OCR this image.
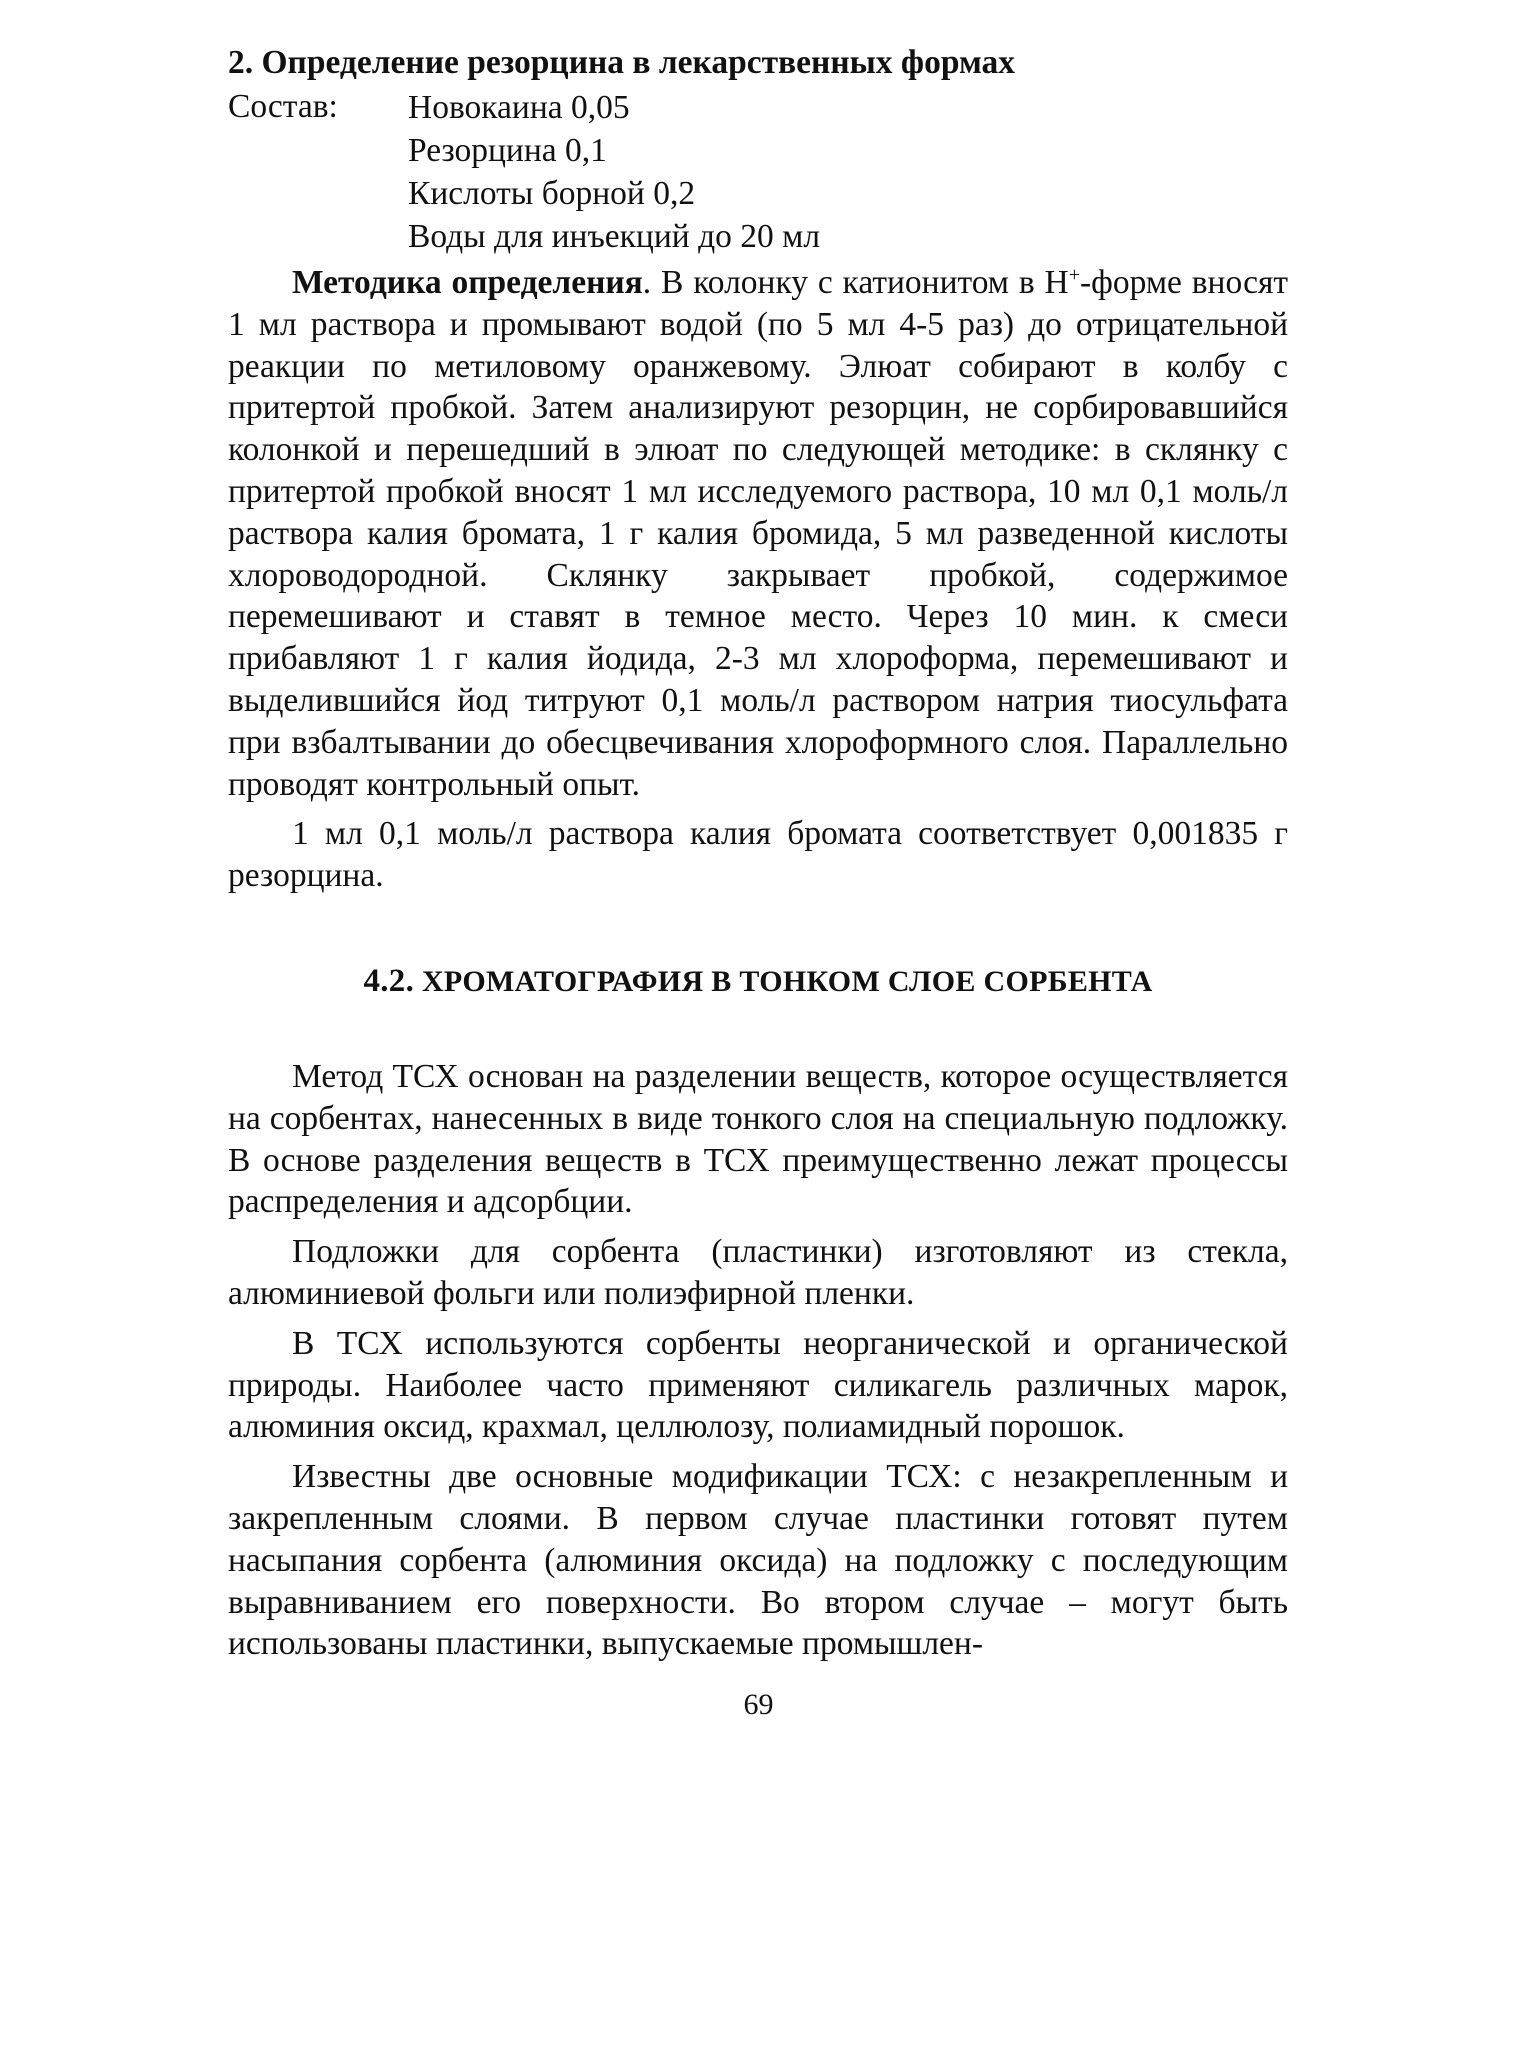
2. Определение резорцина в лекарственных формах
Состав:	Новокаина 0,05
Резорцина 0,1
Кислоты борной 0,2
Воды для инъекций до 20 мл

Методика определения. В колонку с катионитом в H+-форме вносят 1 мл раствора и промывают водой (по 5 мл 4-5 раз) до отрицательной реакции по метиловому оранжевому. Элюат собирают в колбу с притертой пробкой. Затем анализируют резорцин, не сорбировавшийся колонкой и перешедший в элюат по следующей методике: в склянку с притертой пробкой вносят 1 мл исследуемого раствора, 10 мл 0,1 моль/л раствора калия бромата, 1 г калия бромида, 5 мл разведенной кислоты хлороводородной. Склянку закрывает пробкой, содержимое перемешивают и ставят в темное место. Через 10 мин. к смеси прибавляют 1 г калия йодида, 2-3 мл хлороформа, перемешивают и выделившийся йод титруют 0,1 моль/л раствором натрия тиосульфата при взбалтывании до обесцвечивания хлороформного слоя. Параллельно проводят контрольный опыт.

1 мл 0,1 моль/л раствора калия бромата соответствует 0,001835 г резорцина.

4.2. ХРОМАТОГРАФИЯ В ТОНКОМ СЛОЕ СОРБЕНТА

Метод ТСХ основан на разделении веществ, которое осуществляется на сорбентах, нанесенных в виде тонкого слоя на специальную подложку. В основе разделения веществ в ТСХ преимущественно лежат процессы распределения и адсорбции.

Подложки для сорбента (пластинки) изготовляют из стекла, алюминиевой фольги или полиэфирной пленки.

В ТСХ используются сорбенты неорганической и органической природы. Наиболее часто применяют силикагель различных марок, алюминия оксид, крахмал, целлюлозу, полиамидный порошок.

Известны две основные модификации ТСХ: с незакрепленным и закрепленным слоями. В первом случае пластинки готовят путем насыпания сорбента (алюминия оксида) на подложку с последующим выравниванием его поверхности. Во втором случае – могут быть использованы пластинки, выпускаемые промышлен-

69
